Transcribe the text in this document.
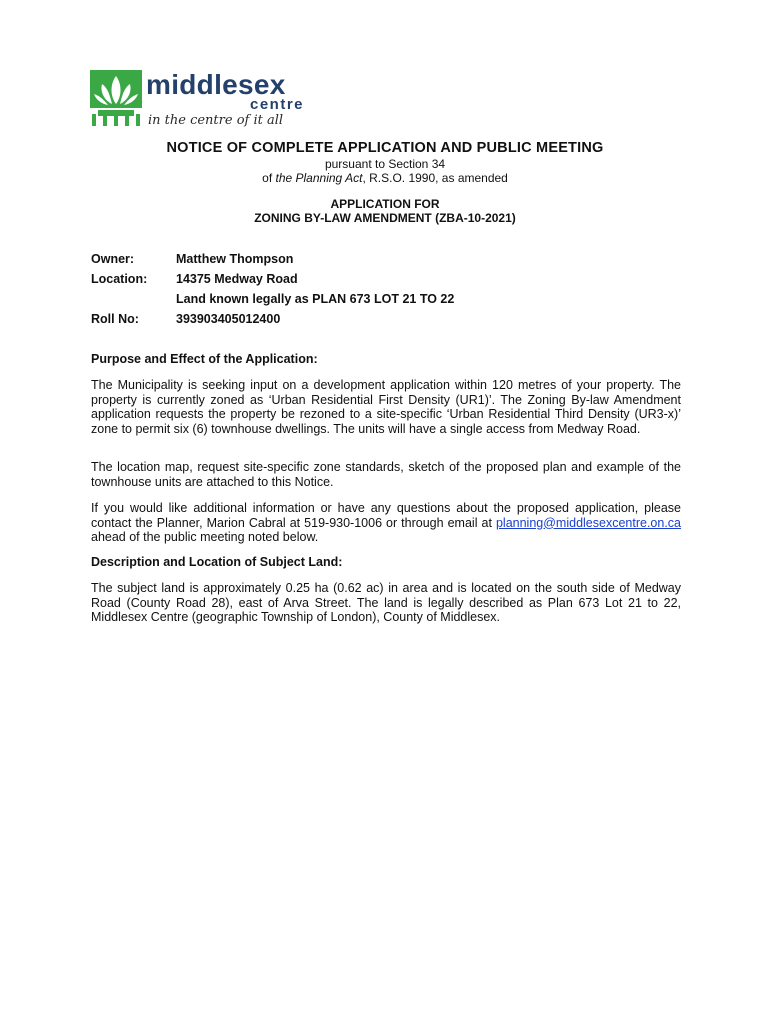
middlesex
centre
in the centre of it all
NOTICE OF COMPLETE APPLICATION AND PUBLIC MEETING
pursuant to Section 34
of the Planning Act, R.S.O. 1990, as amended
APPLICATION FOR
ZONING BY-LAW AMENDMENT (ZBA-10-2021)
Owner:	Matthew Thompson
Location: 14375 Medway Road
Land known legally as PLAN 673 LOT 21 TO 22
Roll No:	393903405012400
Purpose and Effect of the Application:

The Municipality is seeking input on a development application within 120 metres of your property. The property is currently zoned as ‘Urban Residential First Density (UR1)’. The Zoning By-law Amendment application requests the property be rezoned to a site-specific ‘Urban Residential Third Density (UR3-x)’ zone to permit six (6) townhouse dwellings. The units will have a single access from Medway Road.

The location map, request site-specific zone standards, sketch of the proposed plan and example of the townhouse units are attached to this Notice.

If you would like additional information or have any questions about the proposed application, please contact the Planner, Marion Cabral at 519-930-1006 or through email at planning@middlesexcentre.on.ca ahead of the public meeting noted below.

Description and Location of Subject Land:

The subject land is approximately 0.25 ha (0.62 ac) in area and is located on the south side of Medway Road (County Road 28), east of Arva Street. The land is legally described as Plan 673 Lot 21 to 22, Middlesex Centre (geographic Township of London), County of Middlesex.
